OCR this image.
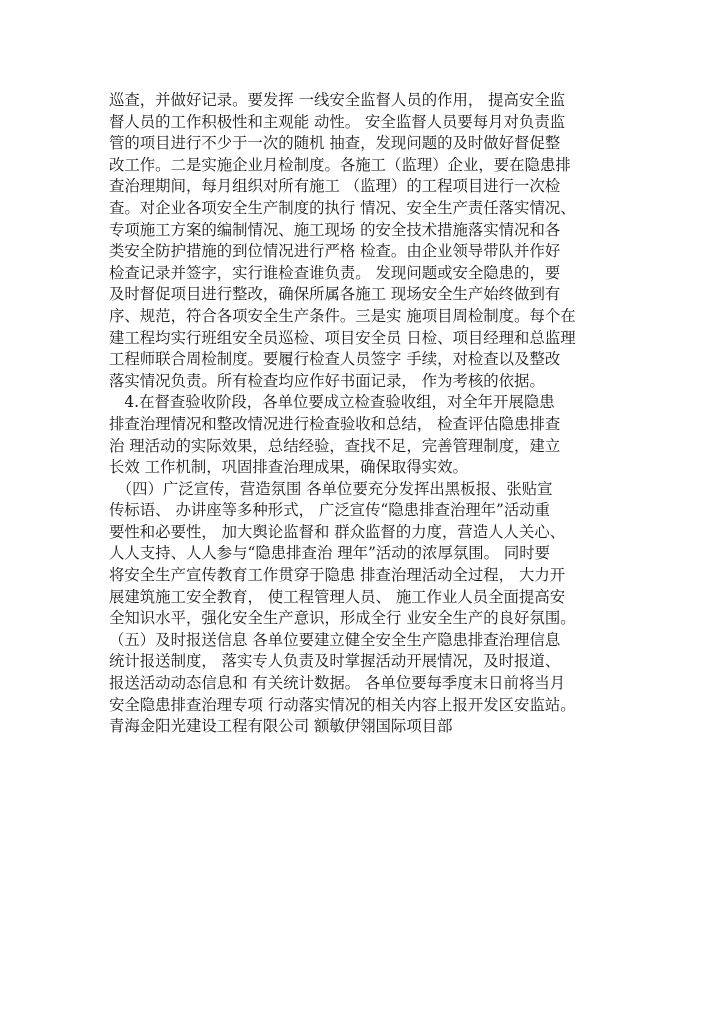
巡查，并做好记录。要发挥 一线安全监督人员的作用， 提高安全监
督人员的工作积极性和主观能 动性。 安全监督人员要每月对负责监
管的项目进行不少于一次的随机 抽查，发现问题的及时做好督促整
改工作。二是实施企业月检制度。各施工（监理）企业，要在隐患排
查治理期间，每月组织对所有施工 （监理）的工程项目进行一次检
查。对企业各项安全生产制度的执行 情况、安全生产责任落实情况、
专项施工方案的编制情况、施工现场 的安全技术措施落实情况和各
类安全防护措施的到位情况进行严格 检查。由企业领导带队并作好
检查记录并签字，实行谁检查谁负责。 发现问题或安全隐患的，要
及时督促项目进行整改，确保所属各施工 现场安全生产始终做到有
序、规范，符合各项安全生产条件。三是实 施项目周检制度。每个在
建工程均实行班组安全员巡检、项目安全员 日检、项目经理和总监理
工程师联合周检制度。要履行检查人员签字 手续，对检查以及整改
落实情况负责。所有检查均应作好书面记录， 作为考核的依据。
　4.在督查验收阶段，各单位要成立检查验收组，对全年开展隐患
排查治理情况和整改情况进行检查验收和总结， 检查评估隐患排查
治 理活动的实际效果，总结经验，查找不足，完善管理制度，建立
长效 工作机制，巩固排查治理成果，确保取得实效。
　（四）广泛宣传，营造氛围 各单位要充分发挥出黑板报、张贴宣
传标语、 办讲座等多种形式， 广泛宣传“隐患排查治理年”活动重
要性和必要性， 加大舆论监督和 群众监督的力度，营造人人关心、
人人支持、人人参与“隐患排查治 理年”活动的浓厚氛围。 同时要
将安全生产宣传教育工作贯穿于隐患 排查治理活动全过程， 大力开
展建筑施工安全教育， 使工程管理人员、 施工作业人员全面提高安
全知识水平，强化安全生产意识，形成全行 业安全生产的良好氛围。
（五）及时报送信息 各单位要建立健全安全生产隐患排查治理信息
统计报送制度， 落实专人负责及时掌握活动开展情况，及时报道、
报送活动动态信息和 有关统计数据。 各单位要每季度末日前将当月
安全隐患排查治理专项 行动落实情况的相关内容上报开发区安监站。
青海金阳光建设工程有限公司 额敏伊翎国际项目部
